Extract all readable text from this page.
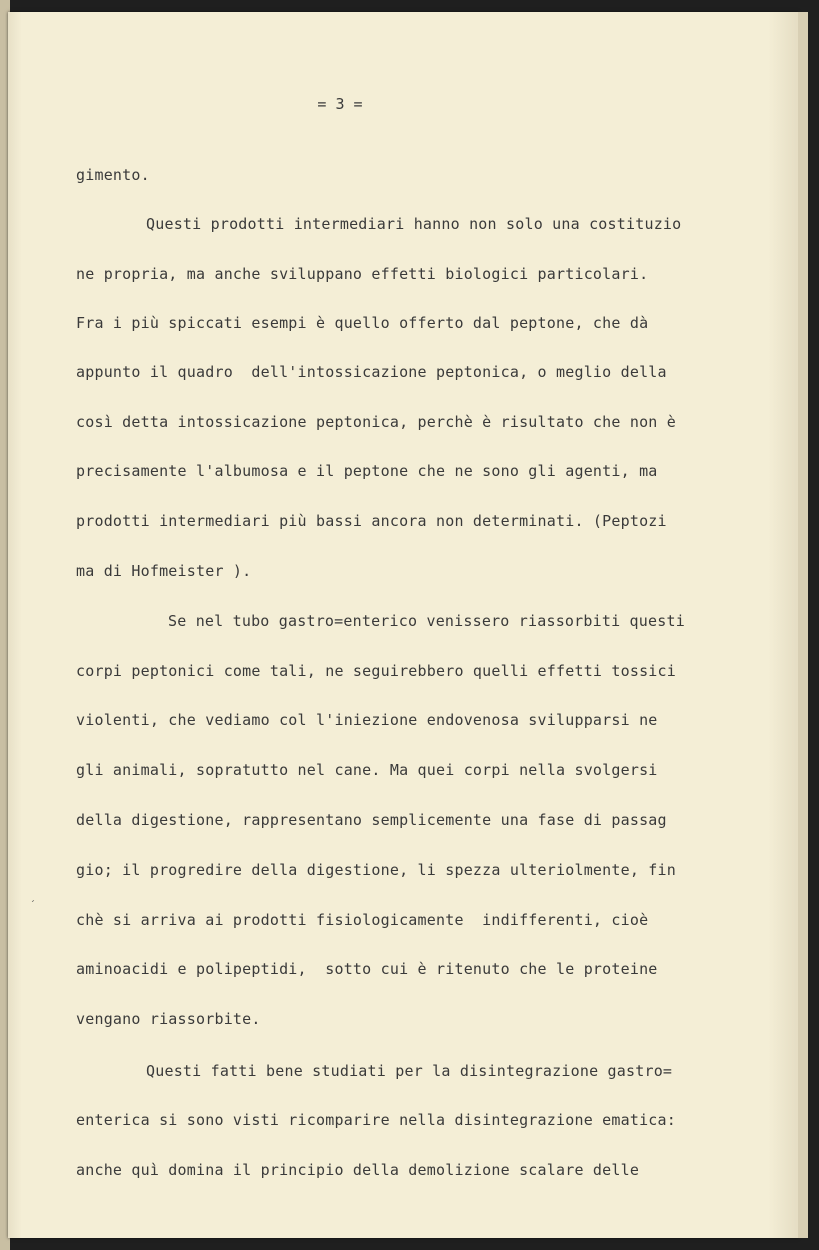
= 3 =
gimento.
Questi prodotti intermediari hanno non solo una costituzio
ne propria, ma anche sviluppano effetti biologici particolari.
Fra i più spiccati esempi è quello offerto dal peptone, che dà
appunto il quadro  dell'intossicazione peptonica, o meglio della
così detta intossicazione peptonica, perchè è risultato che non è
precisamente l'albumosa e il peptone che ne sono gli agenti, ma
prodotti intermediari più bassi ancora non determinati. (Peptozi
ma di Hofmeister ).
Se nel tubo gastro=enterico venissero riassorbiti questi
corpi peptonici come tali, ne seguirebbero quelli effetti tossici
violenti, che vediamo col l'iniezione endovenosa svilupparsi ne
gli animali, sopratutto nel cane. Ma quei corpi nella svolgersi
della digestione, rappresentano semplicemente una fase di passag
gio; il progredire della digestione, li spezza ulteriolmente, fin
chè si arriva ai prodotti fisiologicamente  indifferenti, cioè
aminoacidi e polipeptidi,  sotto cui è ritenuto che le proteine
vengano riassorbite.
Questi fatti bene studiati per la disintegrazione gastro=
enterica si sono visti ricomparire nella disintegrazione ematica:
anche quì domina il principio della demolizione scalare delle
´
